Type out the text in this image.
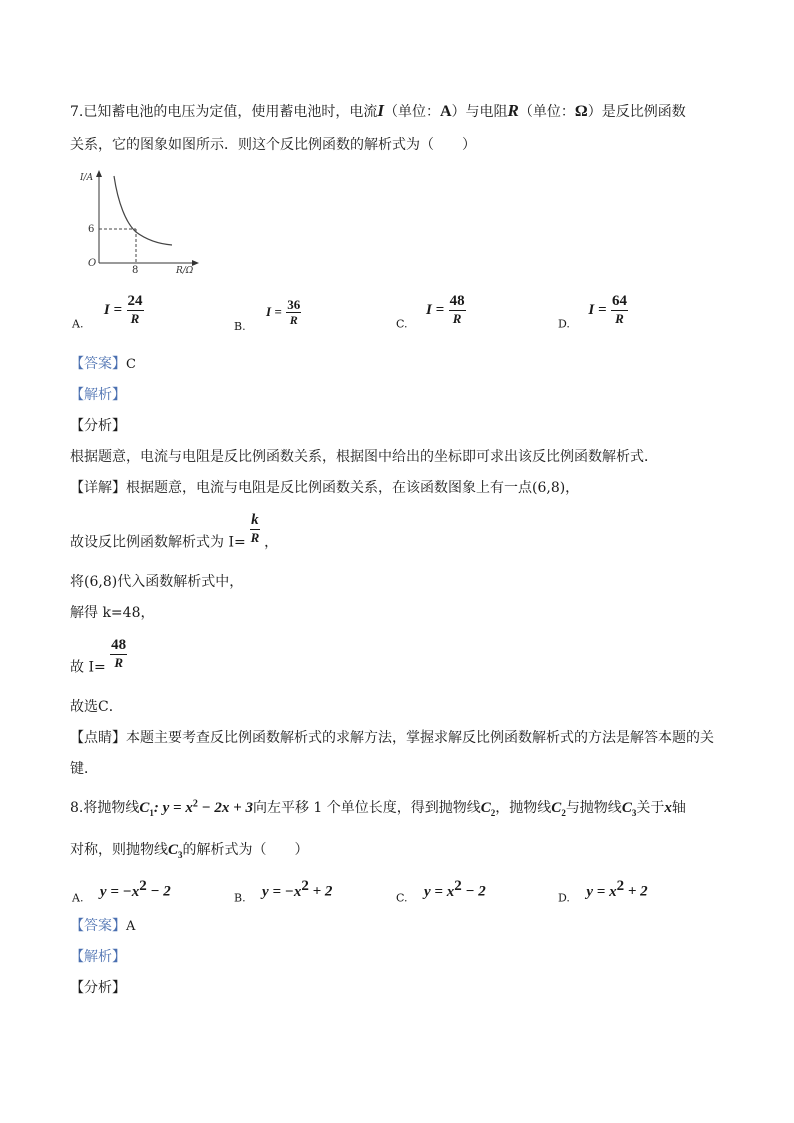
7.已知蓄电池的电压为定值，使用蓄电池时，电流I（单位：A）与电阻R（单位：Ω）是反比例函数
关系，它的图象如图所示．则这个反比例函数的解析式为（　　）
I/A
R/Ω
O
6
8
$_{A.}$ $I = \frac{24}{R}$
$_{B.}$ $I = \frac{36}{R}$	$_{C.}$ $I = \frac{48}{R}$	$_{D.}$ $I = \frac{64}{R}$
【答案】C
【解析】
【分析】
根据题意，电流与电阻是反比例函数关系，根据图中给出的坐标即可求出该反比例函数解析式．
【详解】根据题意，电流与电阻是反比例函数关系，在该函数图象上有一点(6,8)，
故设反比例函数解析式为 $I= \frac{k}{R}$ ，
将(6,8)代入函数解析式中，
解得 k=48，
故 $I= \frac{48}{R}$
故选C．
【点睛】本题主要考查反比例函数解析式的求解方法，掌握求解反比例函数解析式的方法是解答本题的关
键．
8.将抛物线$C_1$: $y = x^2 - 2x + 3$向左平移 1 个单位长度，得到抛物线$C_2$，抛物线$C_2$与抛物线$C_3$关于x轴
对称，则抛物线$C_3$的解析式为（　　）
$_{A.}$ $y = -x^2 - 2$	$_{B.}$ $y = -x^2 + 2$	$_{C.}$ $y = x^2 - 2$	$_{D.}$ $y = x^2 + 2$
【答案】A
【解析】
【分析】
